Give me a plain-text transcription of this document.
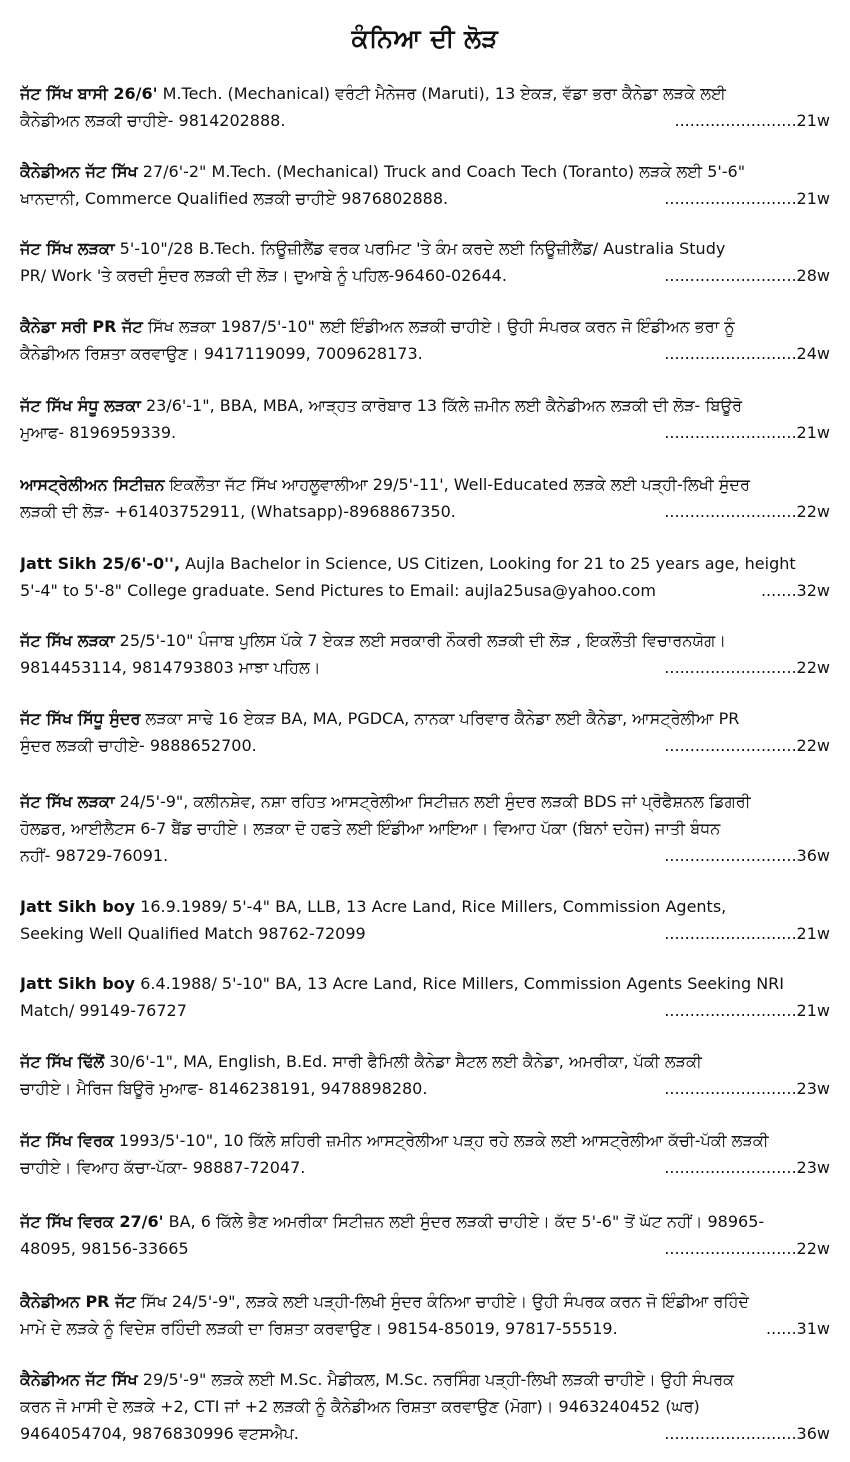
ਕੰਨਿਆ ਦੀ ਲੋੜ
ਜੱਟ ਸਿੱਖ ਬਾਸੀ 26/6' M.Tech. (Mechanical) ਵਰੰਟੀ ਮੈਨੇਜਰ (Maruti), 13 ਏਕੜ, ਵੱਡਾ ਭਰਾ ਕੈਨੇਡਾ ਲੜਕੇ ਲਈ
ਕੈਨੇਡੀਅਨ ਲੜਕੀ ਚਾਹੀਏ- 9814202888.	........................21w
ਕੈਨੇਡੀਅਨ ਜੱਟ ਸਿੱਖ 27/6'-2" M.Tech. (Mechanical) Truck and Coach Tech (Toranto) ਲੜਕੇ ਲਈ 5'-6"
ਖਾਨਦਾਨੀ, Commerce Qualified ਲੜਕੀ ਚਾਹੀਏ 9876802888.	..........................21w
ਜੱਟ ਸਿੱਖ ਲੜਕਾ 5'-10"/28 B.Tech. ਨਿਊਜ਼ੀਲੈਂਡ ਵਰਕ ਪਰਮਿਟ 'ਤੇ ਕੰਮ ਕਰਦੇ ਲਈ ਨਿਊਜ਼ੀਲੈਂਡ/ Australia Study
PR/ Work 'ਤੇ ਕਰਦੀ ਸੁੰਦਰ ਲੜਕੀ ਦੀ ਲੋੜ। ਦੁਆਬੇ ਨੂੰ ਪਹਿਲ-96460-02644.	..........................28w
ਕੈਨੇਡਾ ਸਰੀ PR ਜੱਟ ਸਿੱਖ ਲੜਕਾ 1987/5'-10" ਲਈ ਇੰਡੀਅਨ ਲੜਕੀ ਚਾਹੀਏ। ਉਹੀ ਸੰਪਰਕ ਕਰਨ ਜੋ ਇੰਡੀਅਨ ਭਰਾ ਨੂੰ
ਕੈਨੇਡੀਅਨ ਰਿਸ਼ਤਾ ਕਰਵਾਉਣ। 9417119099, 7009628173.	..........................24w
ਜੱਟ ਸਿੱਖ ਸੰਧੂ ਲੜਕਾ 23/6'-1", BBA, MBA, ਆੜ੍ਹਤ ਕਾਰੋਬਾਰ 13 ਕਿੱਲੇ ਜ਼ਮੀਨ ਲਈ ਕੈਨੇਡੀਅਨ ਲੜਕੀ ਦੀ ਲੋੜ- ਬਿਊਰੋ
ਮੁਆਫ- 8196959339.	..........................21w
ਆਸਟ੍ਰੇਲੀਅਨ ਸਿਟੀਜ਼ਨ ਇਕਲੌਤਾ ਜੱਟ ਸਿੱਖ ਆਹਲੂਵਾਲੀਆ 29/5'-11', Well-Educated ਲੜਕੇ ਲਈ ਪੜ੍ਹੀ-ਲਿਖੀ ਸੁੰਦਰ
ਲੜਕੀ ਦੀ ਲੋੜ- +61403752911, (Whatsapp)-8968867350.	..........................22w
Jatt Sikh 25/6'-0'', Aujla Bachelor in Science, US Citizen, Looking for 21 to 25 years age, height
5'-4" to 5'-8" College graduate. Send Pictures to Email: aujla25usa@yahoo.com	.......32w
ਜੱਟ ਸਿੱਖ ਲੜਕਾ 25/5'-10" ਪੰਜਾਬ ਪੁਲਿਸ ਪੱਕੇ 7 ਏਕੜ ਲਈ ਸਰਕਾਰੀ ਨੌਕਰੀ ਲੜਕੀ ਦੀ ਲੋੜ , ਇਕਲੌਤੀ ਵਿਚਾਰਨਯੋਗ।
9814453114, 9814793803 ਮਾਝਾ ਪਹਿਲ।	..........................22w
ਜੱਟ ਸਿੱਖ ਸਿੱਧੂ ਸੁੰਦਰ ਲੜਕਾ ਸਾਢੇ 16 ਏਕੜ BA, MA, PGDCA, ਨਾਨਕਾ ਪਰਿਵਾਰ ਕੈਨੇਡਾ ਲਈ ਕੈਨੇਡਾ, ਆਸਟ੍ਰੇਲੀਆ PR
ਸੁੰਦਰ ਲੜਕੀ ਚਾਹੀਏ- 9888652700.	..........................22w
ਜੱਟ ਸਿੱਖ ਲੜਕਾ 24/5'-9", ਕਲੀਨਸ਼ੇਵ, ਨਸ਼ਾ ਰਹਿਤ ਆਸਟ੍ਰੇਲੀਆ ਸਿਟੀਜ਼ਨ ਲਈ ਸੁੰਦਰ ਲੜਕੀ BDS ਜਾਂ ਪ੍ਰੋਫੈਸ਼ਨਲ ਡਿਗਰੀ
ਹੋਲਡਰ, ਆਈਲੈਟਸ 6-7 ਬੈਂਡ ਚਾਹੀਏ। ਲੜਕਾ ਦੋ ਹਫਤੇ ਲਈ ਇੰਡੀਆ ਆਇਆ। ਵਿਆਹ ਪੱਕਾ (ਬਿਨਾਂ ਦਹੇਜ) ਜਾਤੀ ਬੰਧਨ
ਨਹੀਂ- 98729-76091.	..........................36w
Jatt Sikh boy 16.9.1989/ 5'-4" BA, LLB, 13 Acre Land, Rice Millers, Commission Agents,
Seeking Well Qualified Match 98762-72099	..........................21w
Jatt Sikh boy 6.4.1988/ 5'-10" BA, 13 Acre Land, Rice Millers, Commission Agents Seeking NRI
Match/ 99149-76727	..........................21w
ਜੱਟ ਸਿੱਖ ਢਿੱਲੋਂ 30/6'-1", MA, English, B.Ed. ਸਾਰੀ ਫੈਮਿਲੀ ਕੈਨੇਡਾ ਸੈਟਲ ਲਈ ਕੈਨੇਡਾ, ਅਮਰੀਕਾ, ਪੱਕੀ ਲੜਕੀ
ਚਾਹੀਏ। ਮੈਰਿਜ ਬਿਊਰੋ ਮੁਆਫ- 8146238191, 9478898280.	..........................23w
ਜੱਟ ਸਿੱਖ ਵਿਰਕ 1993/5'-10", 10 ਕਿੱਲੇ ਸ਼ਹਿਰੀ ਜ਼ਮੀਨ ਆਸਟ੍ਰੇਲੀਆ ਪੜ੍ਹ ਰਹੇ ਲੜਕੇ ਲਈ ਆਸਟ੍ਰੇਲੀਆ ਕੱਚੀ-ਪੱਕੀ ਲੜਕੀ
ਚਾਹੀਏ। ਵਿਆਹ ਕੱਚਾ-ਪੱਕਾ- 98887-72047.	..........................23w
ਜੱਟ ਸਿੱਖ ਵਿਰਕ 27/6' BA, 6 ਕਿੱਲੇ ਭੈਣ ਅਮਰੀਕਾ ਸਿਟੀਜ਼ਨ ਲਈ ਸੁੰਦਰ ਲੜਕੀ ਚਾਹੀਏ। ਕੱਦ 5'-6" ਤੋਂ ਘੱਟ ਨਹੀਂ। 98965-
48095, 98156-33665	..........................22w
ਕੈਨੇਡੀਅਨ PR ਜੱਟ ਸਿੱਖ 24/5'-9", ਲੜਕੇ ਲਈ ਪੜ੍ਹੀ-ਲਿਖੀ ਸੁੰਦਰ ਕੰਨਿਆ ਚਾਹੀਏ। ਉਹੀ ਸੰਪਰਕ ਕਰਨ ਜੋ ਇੰਡੀਆ ਰਹਿੰਦੇ
ਮਾਮੇ ਦੇ ਲੜਕੇ ਨੂੰ ਵਿਦੇਸ਼ ਰਹਿੰਦੀ ਲੜਕੀ ਦਾ ਰਿਸ਼ਤਾ ਕਰਵਾਉਣ। 98154-85019, 97817-55519.	......31w
ਕੈਨੇਡੀਅਨ ਜੱਟ ਸਿੱਖ 29/5'-9" ਲੜਕੇ ਲਈ M.Sc. ਮੈਡੀਕਲ, M.Sc. ਨਰਸਿੰਗ ਪੜ੍ਹੀ-ਲਿਖੀ ਲੜਕੀ ਚਾਹੀਏ। ਉਹੀ ਸੰਪਰਕ
ਕਰਨ ਜੋ ਮਾਸੀ ਦੇ ਲੜਕੇ +2, CTI ਜਾਂ +2 ਲੜਕੀ ਨੂੰ ਕੈਨੇਡੀਅਨ ਰਿਸ਼ਤਾ ਕਰਵਾਉਣ (ਮੋਗਾ)। 9463240452 (ਘਰ)
9464054704, 9876830996 ਵਟਸਐਪ.	..........................36w
